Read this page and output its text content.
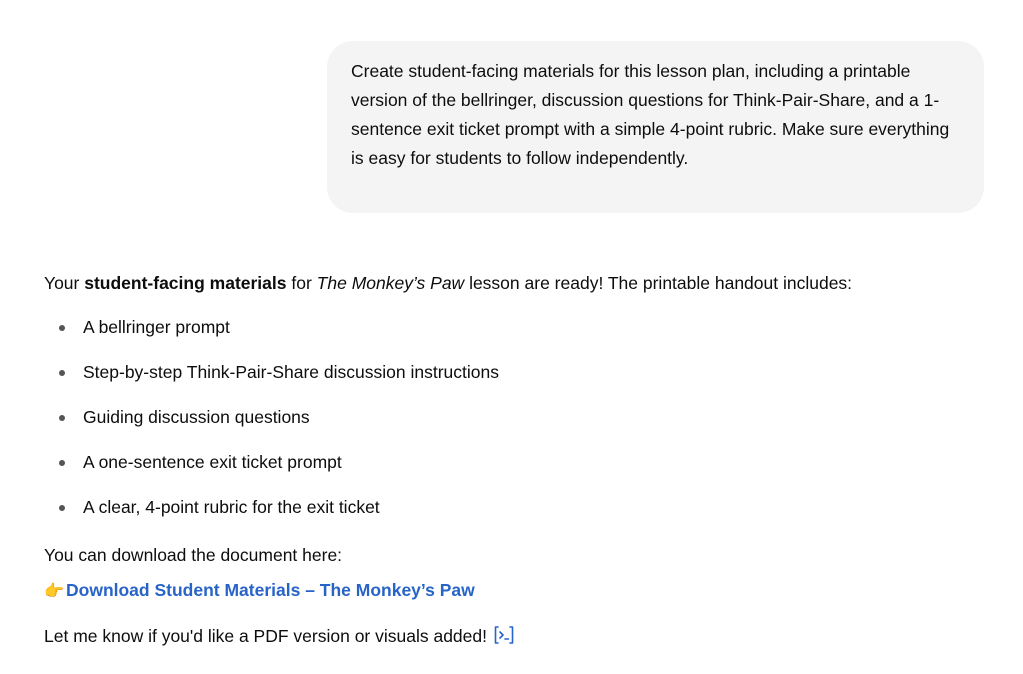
Create student-facing materials for this lesson plan, including a printable version of the bellringer, discussion questions for Think-Pair-Share, and a 1-sentence exit ticket prompt with a simple 4-point rubric. Make sure everything is easy for students to follow independently.

Your student-facing materials for The Monkey’s Paw lesson are ready! The printable handout includes:

A bellringer prompt
Step-by-step Think-Pair-Share discussion instructions
Guiding discussion questions
A one-sentence exit ticket prompt
A clear, 4-point rubric for the exit ticket

You can download the document here:

👉 Download Student Materials – The Monkey’s Paw

Let me know if you'd like a PDF version or visuals added!
